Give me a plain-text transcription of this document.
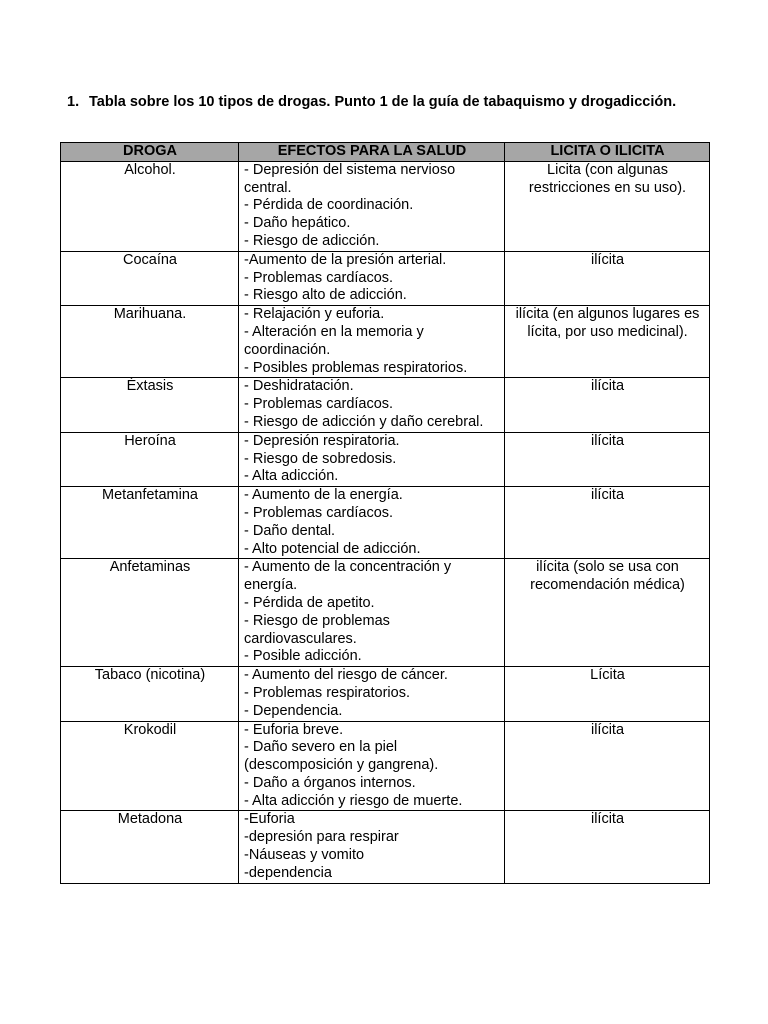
1. Tabla sobre los 10 tipos de drogas. Punto 1 de la guía de tabaquismo y drogadicción.
DROGA	EFECTOS PARA LA SALUD	LICITA O ILICITA
Alcohol.	- Depresión del sistema nervioso central.
- Pérdida de coordinación.
- Daño hepático.
- Riesgo de adicción.	Licita (con algunas restricciones en su uso).
Cocaína	-Aumento de la presión arterial.
- Problemas cardíacos.
- Riesgo alto de adicción.	ilícita
Marihuana.	- Relajación y euforia.
- Alteración en la memoria y coordinación.
- Posibles problemas respiratorios.	ilícita (en algunos lugares es lícita, por uso medicinal).
Éxtasis	- Deshidratación.
- Problemas cardíacos.
- Riesgo de adicción y daño cerebral.	ilícita
Heroína	- Depresión respiratoria.
- Riesgo de sobredosis.
- Alta adicción.	ilícita
Metanfetamina	- Aumento de la energía.
- Problemas cardíacos.
- Daño dental.
- Alto potencial de adicción.	ilícita
Anfetaminas	- Aumento de la concentración y energía.
- Pérdida de apetito.
- Riesgo de problemas cardiovasculares.
- Posible adicción.	ilícita (solo se usa con recomendación médica)
Tabaco (nicotina)	- Aumento del riesgo de cáncer.
- Problemas respiratorios.
- Dependencia.	Lícita
Krokodil	- Euforia breve.
- Daño severo en la piel (descomposición y gangrena).
- Daño a órganos internos.
- Alta adicción y riesgo de muerte.	ilícita
Metadona	-Euforia
-depresión para respirar
-Náuseas y vomito
-dependencia	ilícita
